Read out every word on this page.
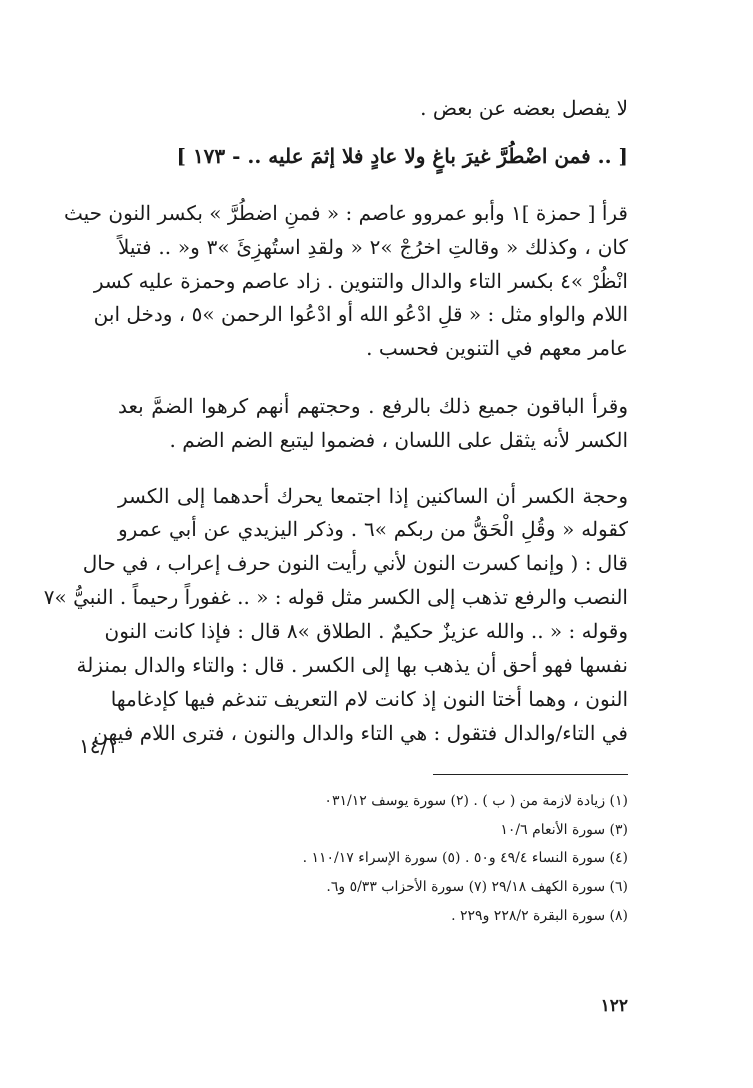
لا يفصل بعضه عن بعض .
[ .. فمن اضْطُرَّ غيرَ باغٍ ولا عادٍ فلا إثمَ عليه .. - ١٧٣ ]
قرأ [ حمزة ]١ وأبو عمروو عاصم : « فمنِ اضطُرَّ » بكسر النون حيث
كان ، وكذلك « وقالتِ اخرُجْ »٢ « ولقدِ استُهزِئَ »٣ و« .. فتيلاً
انْظُرْ »٤ بكسر التاء والدال والتنوين . زاد عاصم وحمزة عليه كسر
اللام والواو مثل : « قلِ ادْعُو الله أو ادْعُوا الرحمن »٥ ، ودخل ابن
عامر معهم في التنوين فحسب .
وقرأ الباقون جميع ذلك بالرفع . وحجتهم أنهم كرهوا الضمَّ بعد
الكسر لأنه يثقل على اللسان ، فضموا ليتبع الضم الضم .
وحجة الكسر أن الساكنين إذا اجتمعا يحرك أحدهما إلى الكسر
كقوله « وقُلِ الْحَقُّ من ربكم »٦ . وذكر اليزيدي عن أبي عمرو
قال : ( وإنما كسرت النون لأني رأيت النون حرف إعراب ، في حال
النصب والرفع تذهب إلى الكسر مثل قوله : « .. غفوراً رحيماً . النبيُّ »٧
وقوله : « .. والله عزيزٌ حكيمٌ . الطلاق »٨ قال : فإذا كانت النون
نفسها فهو أحق أن يذهب بها إلى الكسر . قال : والتاء والدال بمنزلة
النون ، وهما أختا النون إذ كانت لام التعريف تندغم فيها كإدغامها
في التاء/والدال فتقول : هي التاء والدال والنون ، فترى اللام فيهن
١٤/١
(١) زيادة لازمة من ( ب ) . (٢) سورة يوسف ٠٣١/١٢
(٣) سورة الأنعام ١٠/٦
(٤) سورة النساء ٤٩/٤ و٥٠ . (٥) سورة الإسراء ١١٠/١٧ .
(٦) سورة الكهف ٢٩/١٨ (٧) سورة الأحزاب ٥/٣٣ و٦.
(٨) سورة البقرة ٢٢٨/٢ و٢٢٩ .
١٢٢
